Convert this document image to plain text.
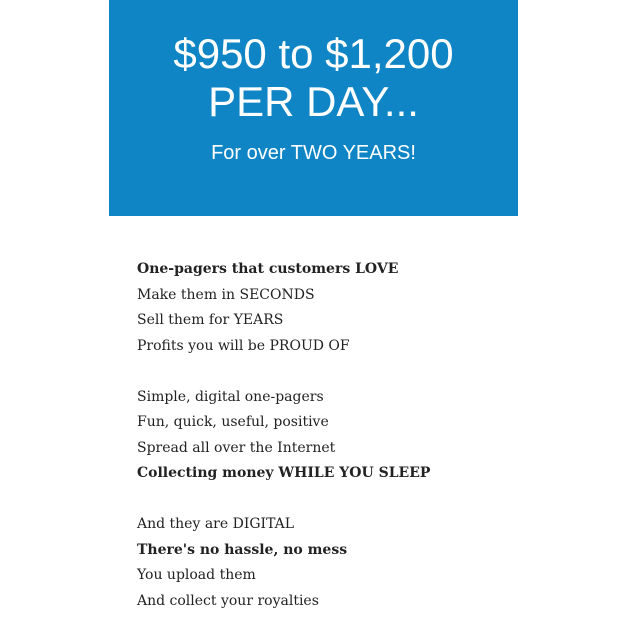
$950 to $1,200
PER DAY...

For over TWO YEARS!

One-pagers that customers LOVE
Make them in SECONDS
Sell them for YEARS
Profits you will be PROUD OF
Simple, digital one-pagers
Fun, quick, useful, positive
Spread all over the Internet
Collecting money WHILE YOU SLEEP
And they are DIGITAL
There's no hassle, no mess
You upload them
And collect your royalties
